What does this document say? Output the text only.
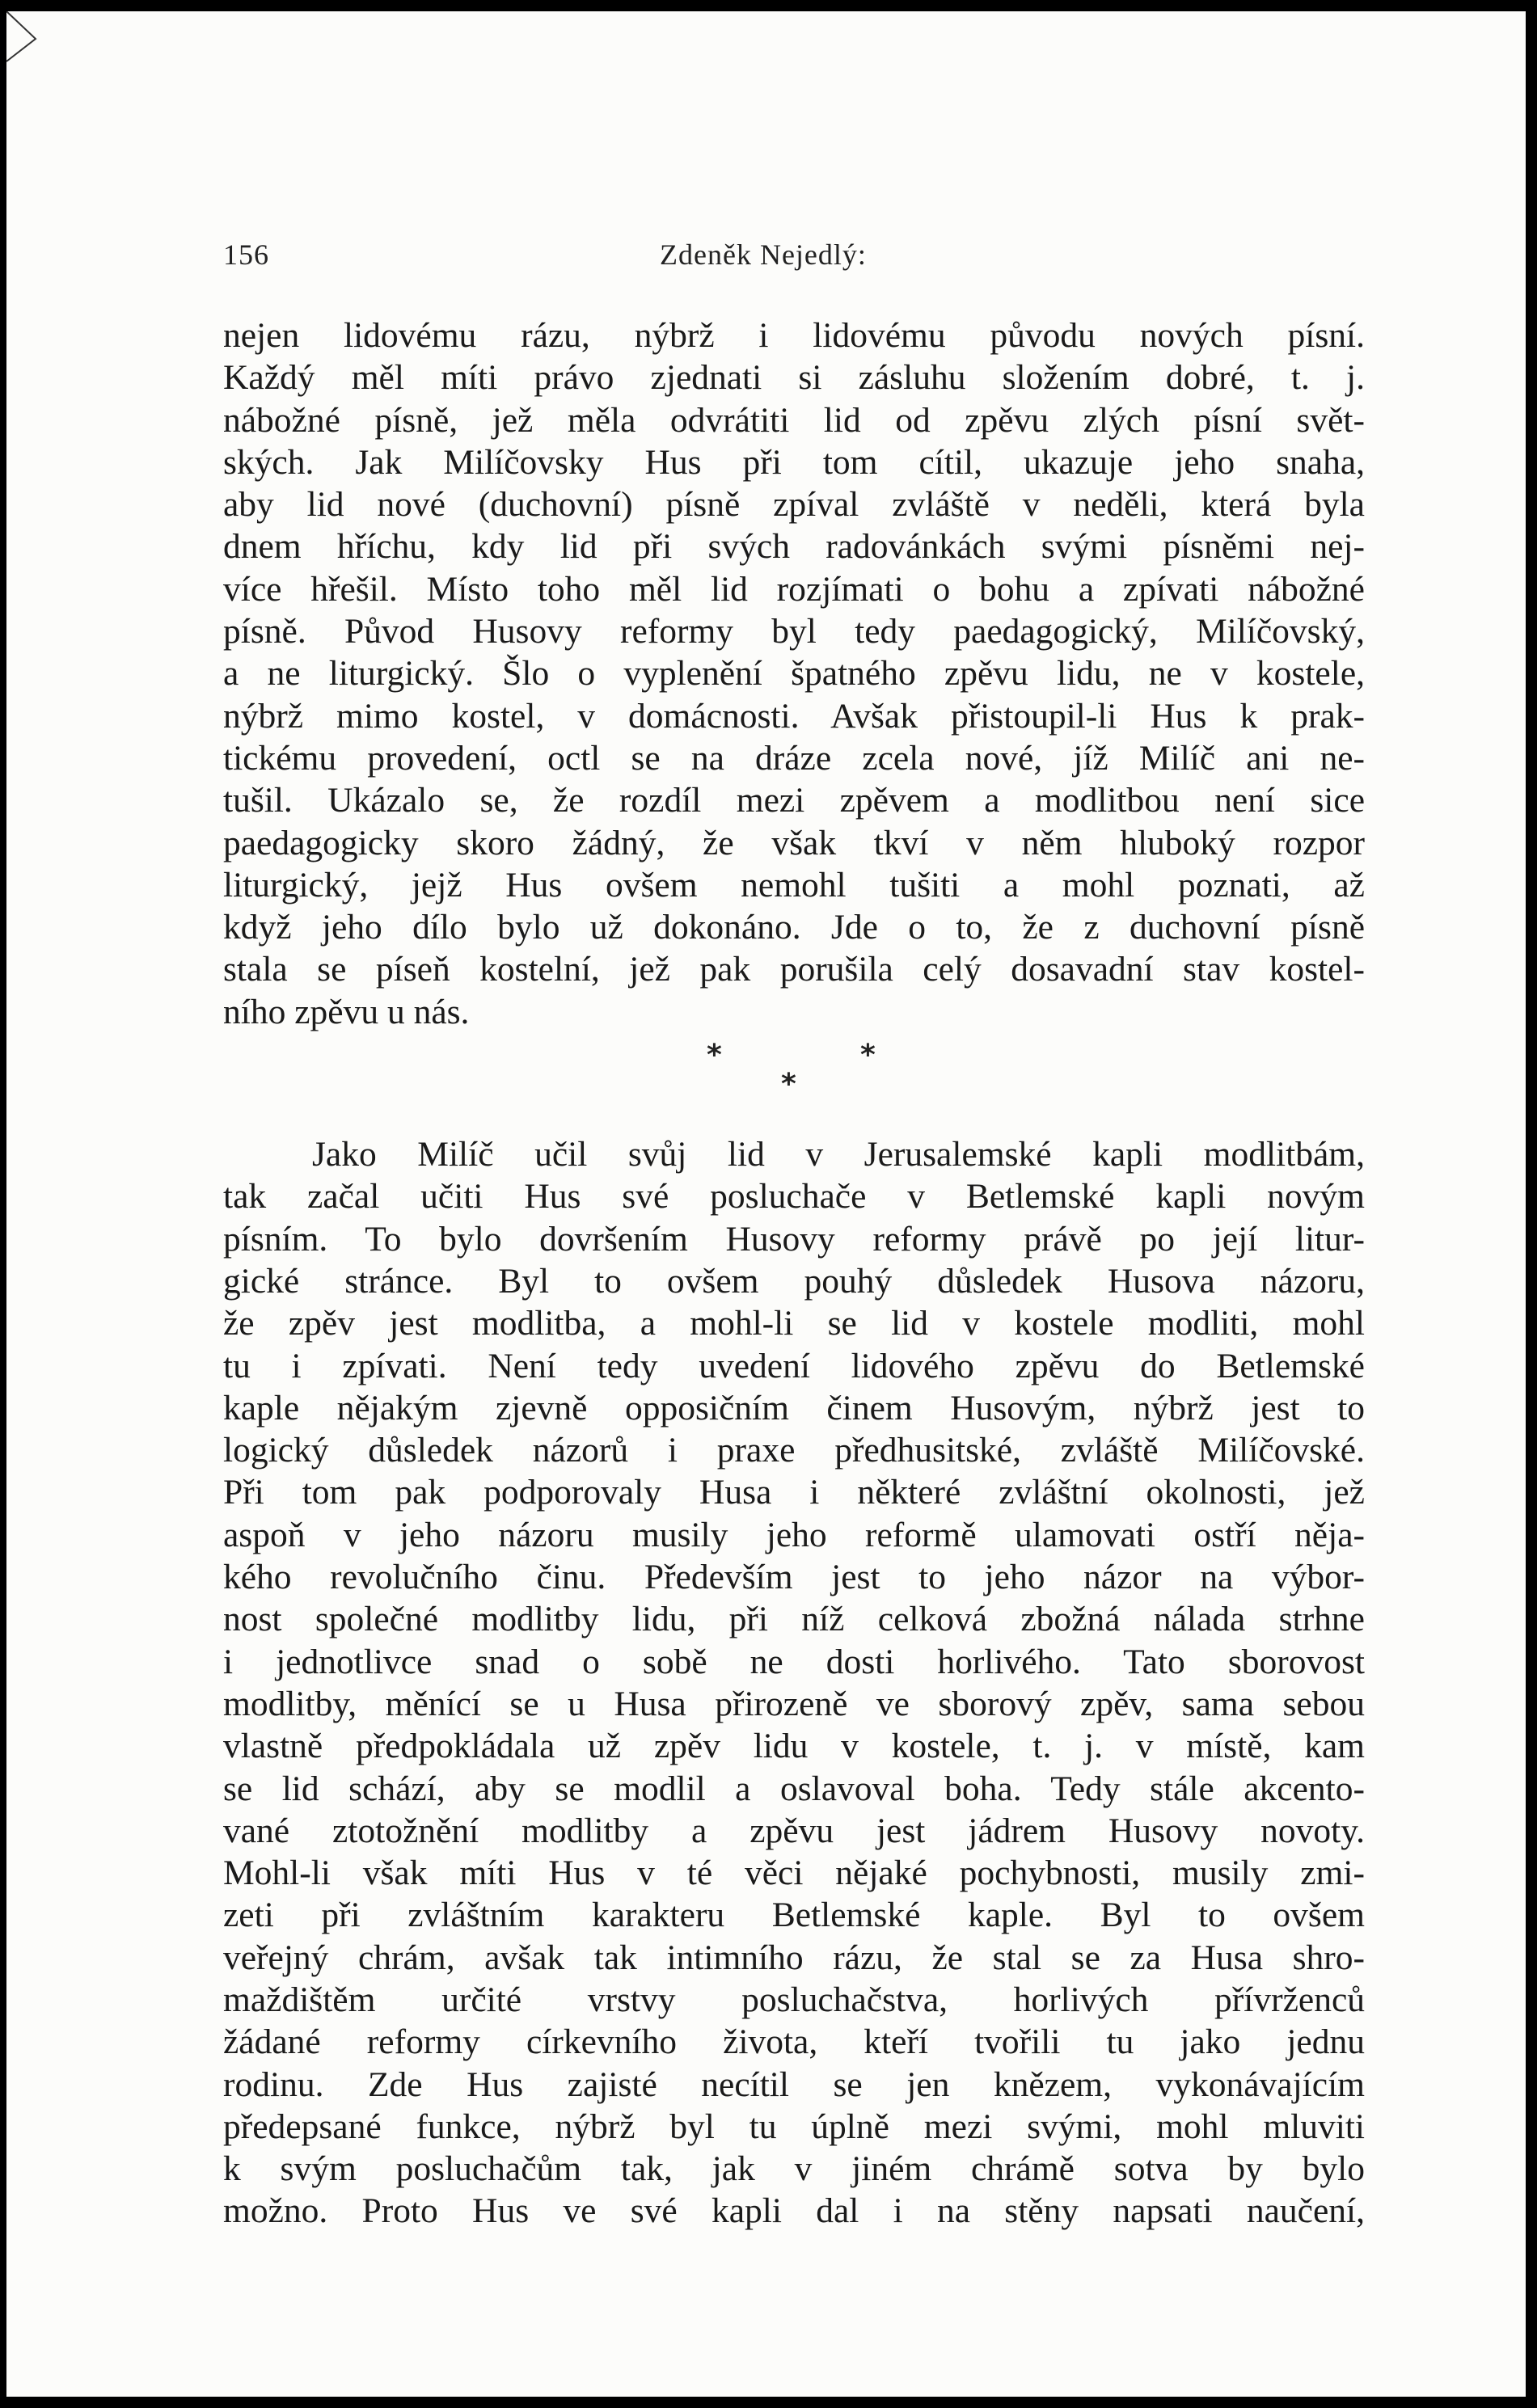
156	Zdeněk Nejedlý:
nejen lidovému rázu, nýbrž i lidovému původu nových písní.
Každý měl míti právo zjednati si zásluhu složením dobré, t. j.
nábožné písně, jež měla odvrátiti lid od zpěvu zlých písní svět-
ských. Jak Milíčovsky Hus při tom cítil, ukazuje jeho snaha,
aby lid nové (duchovní) písně zpíval zvláště v neděli, která byla
dnem hříchu, kdy lid při svých radovánkách svými písněmi nej-
více hřešil. Místo toho měl lid rozjímati o bohu a zpívati nábožné
písně. Původ Husovy reformy byl tedy paedagogický, Milíčovský,
a ne liturgický. Šlo o vyplenění špatného zpěvu lidu, ne v kostele,
nýbrž mimo kostel, v domácnosti. Avšak přistoupil-li Hus k prak-
tickému provedení, octl se na dráze zcela nové, jíž Milíč ani ne-
tušil. Ukázalo se, že rozdíl mezi zpěvem a modlitbou není sice
paedagogicky skoro žádný, že však tkví v něm hluboký rozpor
liturgický, jejž Hus ovšem nemohl tušiti a mohl poznati, až
když jeho dílo bylo už dokonáno. Jde o to, že z duchovní písně
stala se píseň kostelní, jež pak porušila celý dosavadní stav kostel-
ního zpěvu u nás.
*
*
*
Jako Milíč učil svůj lid v Jerusalemské kapli modlitbám,
tak začal učiti Hus své posluchače v Betlemské kapli novým
písním. To bylo dovršením Husovy reformy právě po její litur-
gické stránce. Byl to ovšem pouhý důsledek Husova názoru,
že zpěv jest modlitba, a mohl-li se lid v kostele modliti, mohl
tu i zpívati. Není tedy uvedení lidového zpěvu do Betlemské
kaple nějakým zjevně opposičním činem Husovým, nýbrž jest to
logický důsledek názorů i praxe předhusitské, zvláště Milíčovské.
Při tom pak podporovaly Husa i některé zvláštní okolnosti, jež
aspoň v jeho názoru musily jeho reformě ulamovati ostří něja-
kého revolučního činu. Především jest to jeho názor na výbor-
nost společné modlitby lidu, při níž celková zbožná nálada strhne
i jednotlivce snad o sobě ne dosti horlivého. Tato sborovost
modlitby, měnící se u Husa přirozeně ve sborový zpěv, sama sebou
vlastně předpokládala už zpěv lidu v kostele, t. j. v místě, kam
se lid schází, aby se modlil a oslavoval boha. Tedy stále akcento-
vané ztotožnění modlitby a zpěvu jest jádrem Husovy novoty.
Mohl-li však míti Hus v té věci nějaké pochybnosti, musily zmi-
zeti při zvláštním karakteru Betlemské kaple. Byl to ovšem
veřejný chrám, avšak tak intimního rázu, že stal se za Husa shro-
maždištěm určité vrstvy posluchačstva, horlivých přívrženců
žádané reformy církevního života, kteří tvořili tu jako jednu
rodinu. Zde Hus zajisté necítil se jen knězem, vykonávajícím
předepsané funkce, nýbrž byl tu úplně mezi svými, mohl mluviti
k svým posluchačům tak, jak v jiném chrámě sotva by bylo
možno. Proto Hus ve své kapli dal i na stěny napsati naučení,
